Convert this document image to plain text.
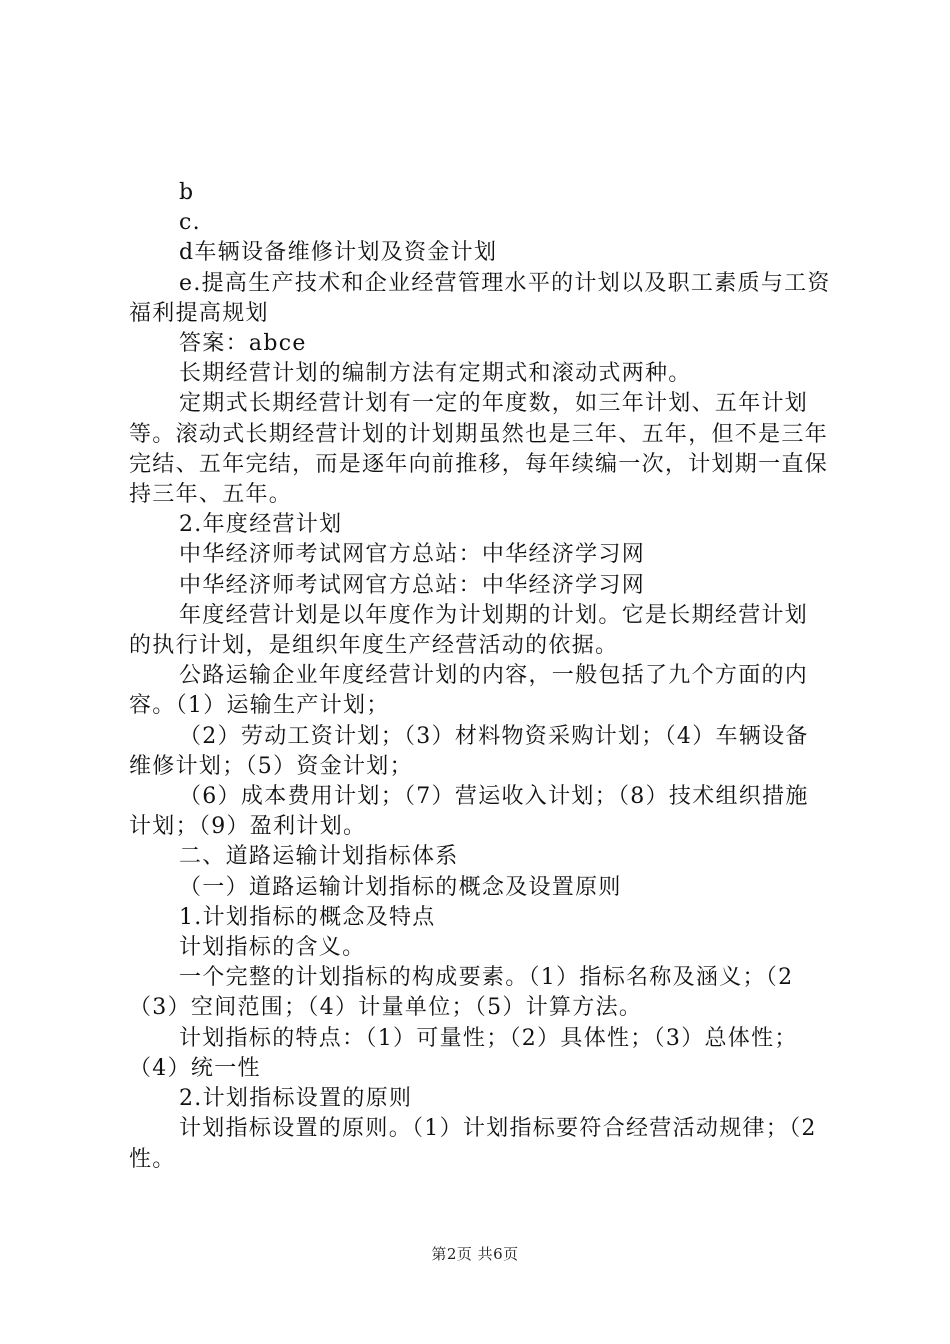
b

c.

d车辆设备维修计划及资金计划

e.提高生产技术和企业经营管理水平的计划以及职工素质与工资福利提高规划

答案：abce

长期经营计划的编制方法有定期式和滚动式两种。

定期式长期经营计划有一定的年度数，如三年计划、五年计划等。滚动式长期经营计划的计划期虽然也是三年、五年，但不是三年完结、五年完结，而是逐年向前推移，每年续编一次，计划期一直保持三年、五年。

2.年度经营计划

中华经济师考试网官方总站：中华经济学习网

中华经济师考试网官方总站：中华经济学习网

年度经营计划是以年度作为计划期的计划。它是长期经营计划的执行计划，是组织年度生产经营活动的依据。

公路运输企业年度经营计划的内容，一般包括了九个方面的内容。（1）运输生产计划；

（2）劳动工资计划；（3）材料物资采购计划；（4）车辆设备维修计划；（5）资金计划；

（6）成本费用计划；（7）营运收入计划；（8）技术组织措施计划；（9）盈利计划。

二、道路运输计划指标体系

（一）道路运输计划指标的概念及设置原则

1.计划指标的概念及特点

计划指标的含义。

一个完整的计划指标的构成要素。（1）指标名称及涵义；（2（3）空间范围；（4）计量单位；（5）计算方法。

计划指标的特点：（1）可量性；（2）具体性；（3）总体性；（4）统一性

2.计划指标设置的原则

计划指标设置的原则。（1）计划指标要符合经营活动规律；（2性。

第2页 共6页
